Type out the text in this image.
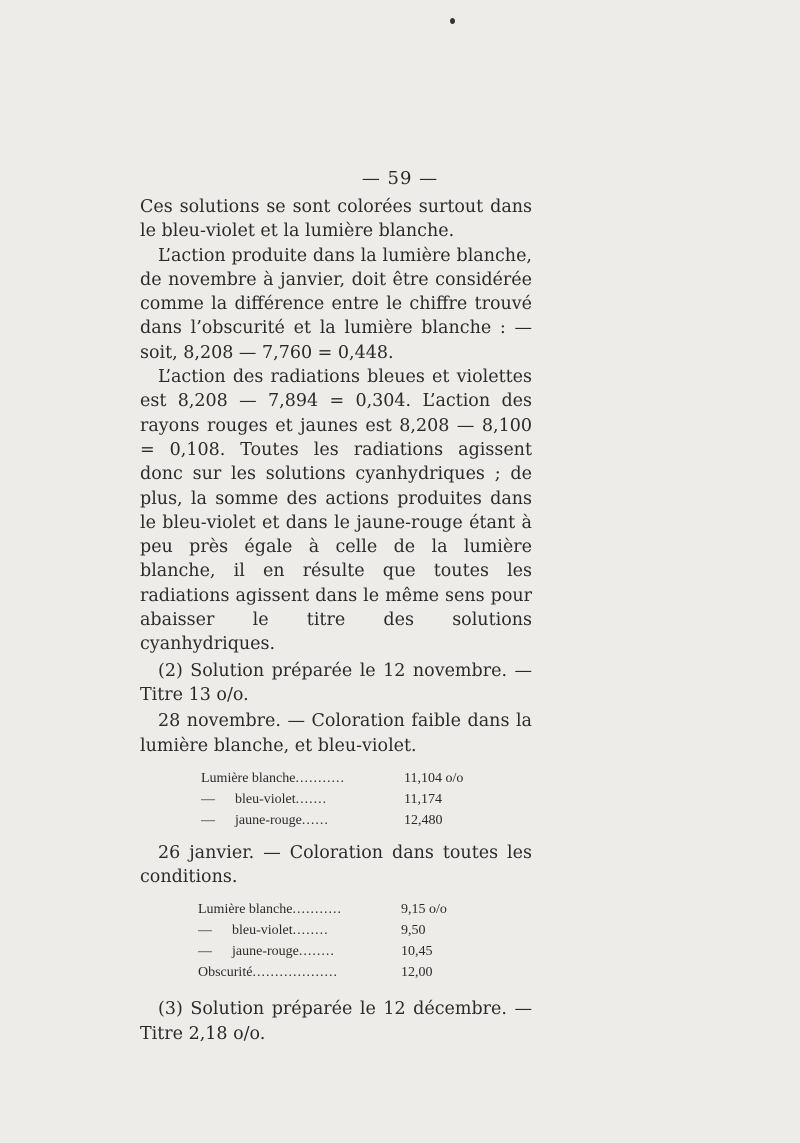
— 59 —

Ces solutions se sont colorées surtout dans le bleu-violet et la lumière blanche.

L’action produite dans la lumière blanche, de novembre à janvier, doit être considérée comme la différence entre le chiffre trouvé dans l’obscurité et la lumière blanche : — soit, 8,208 — 7,760 = 0,448.

L’action des radiations bleues et violettes est 8,208 — 7,894 = 0,304. L’action des rayons rouges et jaunes est 8,208 — 8,100 = 0,108. Toutes les radiations agissent donc sur les solutions cyanhydriques ; de plus, la somme des actions produites dans le bleu-violet et dans le jaune-rouge étant à peu près égale à celle de la lumière blanche, il en résulte que toutes les radiations agissent dans le même sens pour abaisser le titre des solutions cyanhydriques.

(2) Solution préparée le 12 novembre. — Titre 13 o/o.

28 novembre. — Coloration faible dans la lumière blanche, et bleu-violet.

Lumière blanche...........	11,104 o/o
— bleu-violet.......	11,174
— jaune-rouge......	12,480

26 janvier. — Coloration dans toutes les conditions.

Lumière blanche...........	9,15 o/o
— bleu-violet........	9,50
— jaune-rouge........	10,45
Obscurité...................	12,00

(3) Solution préparée le 12 décembre. — Titre 2,18 o/o.
